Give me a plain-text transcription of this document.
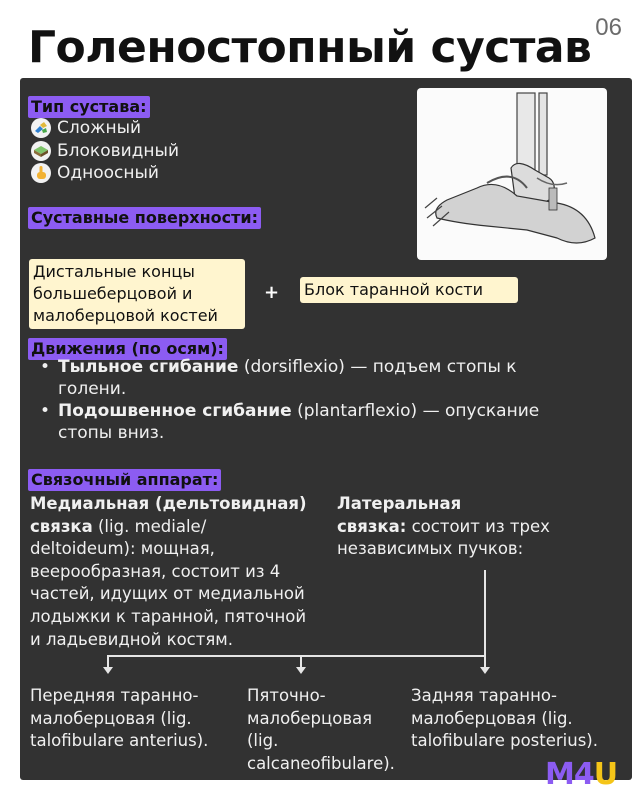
06
Голеностопный сустав
Тип сустава:
Сложный
Блоковидный
Одноосный
Суставные поверхности:
Дистальные концы
большеберцовой и
малоберцовой костей
+ Блок таранной кости
Движения (по осям):
• Тыльное сгибание (dorsiflexio) — подъем стопы к
голени.
• Подошвенное сгибание (plantarflexio) — опускание
стопы вниз.
Связочный аппарат:
Медиальная (дельтовидная)
связка (lig. mediale/
deltoideum): мощная,
веерообразная, состоит из 4
частей, идущих от медиальной
лодыжки к таранной, пяточной
и ладьевидной костям.
Латеральная
связка: состоит из трех
независимых пучков:
Передняя таранно-
малоберцовая (lig.
talofibulare anterius).
Пяточно-
малоберцовая
(lig.
calcaneofibulare).
Задняя таранно-
малоберцовая (lig.
talofibulare posterius).
M4U
